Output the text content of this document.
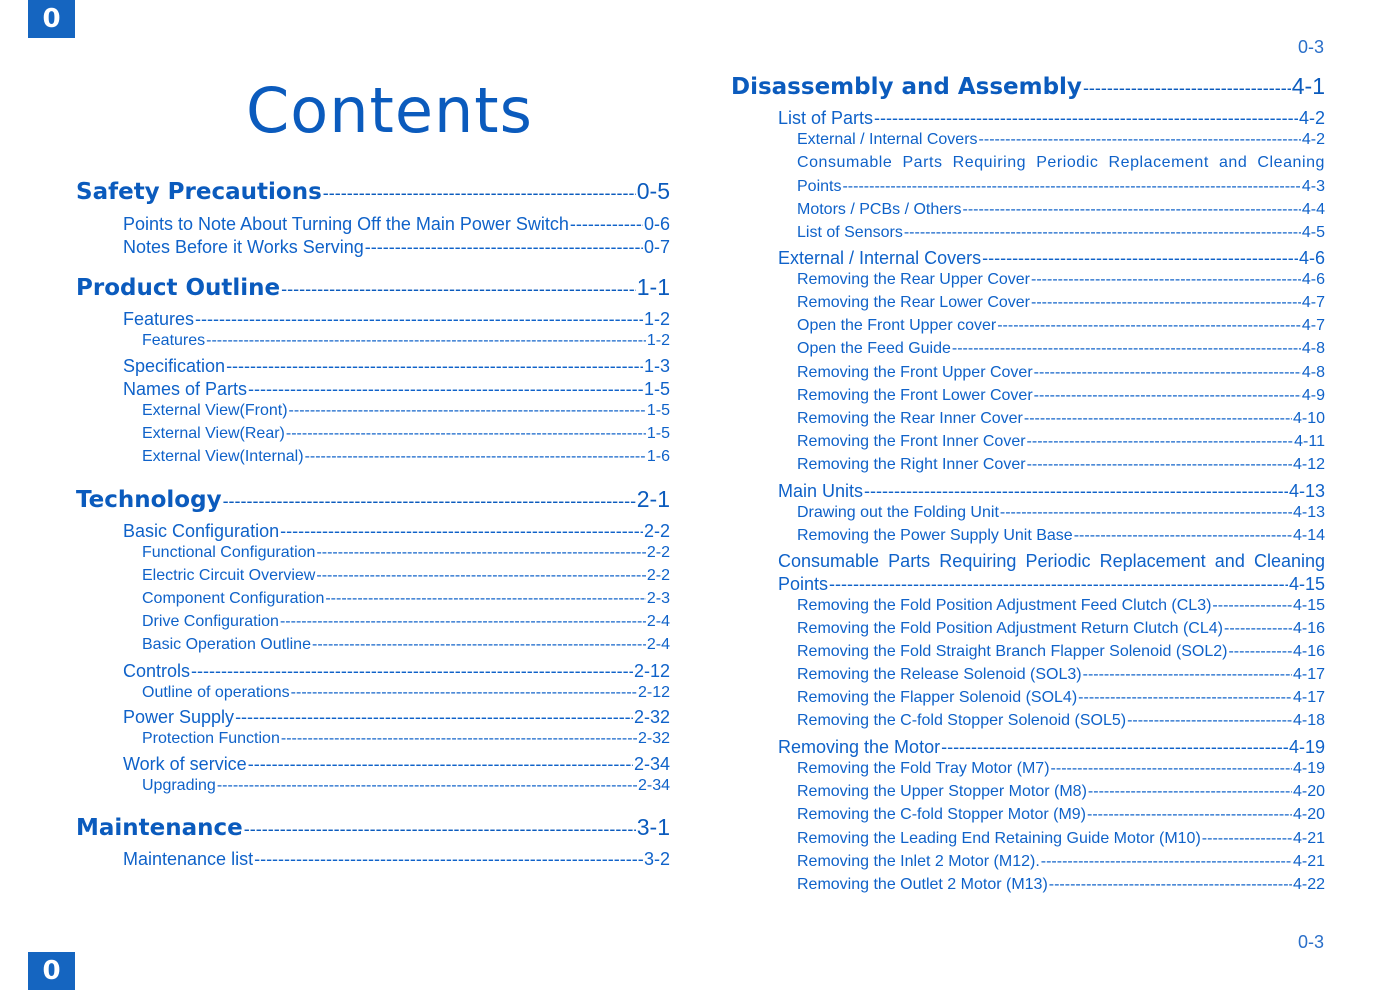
0
0
0-3
0-3
Contents
Safety Precautions -----	0-5
Points to Note About Turning Off the Main Power Switch -----	0-6
Notes Before it Works Serving -----	0-7
Product Outline -----	1-1
Features -----	1-2
Features -----	1-2
Specification -----	1-3
Names of Parts -----	1-5
External View(Front) -----	1-5
External View(Rear) -----	1-5
External View(Internal) -----	1-6
Technology -----	2-1
Basic Configuration -----	2-2
Functional Configuration -----	2-2
Electric Circuit Overview -----	2-2
Component Configuration -----	2-3
Drive Configuration -----	2-4
Basic Operation Outline -----	2-4
Controls -----	2-12
Outline of operations -----	2-12
Power Supply -----	2-32
Protection Function -----	2-32
Work of service -----	2-34
Upgrading -----	2-34
Maintenance -----	3-1
Maintenance list -----	3-2
Disassembly and Assembly -----	4-1
List of Parts -----	4-2
External / Internal Covers -----	4-2
Consumable Parts Requiring Periodic Replacement and Cleaning
Points -----	4-3
Motors / PCBs / Others -----	4-4
List of Sensors -----	4-5
External / Internal Covers -----	4-6
Removing the Rear Upper Cover -----	4-6
Removing the Rear Lower Cover -----	4-7
Open the Front Upper cover -----	4-7
Open the Feed Guide -----	4-8
Removing the Front Upper Cover -----	4-8
Removing the Front Lower Cover -----	4-9
Removing the Rear Inner Cover -----	4-10
Removing the Front Inner Cover -----	4-11
Removing the Right Inner Cover -----	4-12
Main Units -----	4-13
Drawing out the Folding Unit -----	4-13
Removing the Power Supply Unit Base -----	4-14
Consumable Parts Requiring Periodic Replacement and Cleaning
Points -----	4-15
Removing the Fold Position Adjustment Feed Clutch (CL3) -----	4-15
Removing the Fold Position Adjustment Return Clutch (CL4) -----	4-16
Removing the Fold Straight Branch Flapper Solenoid (SOL2) -----	4-16
Removing the Release Solenoid (SOL3) -----	4-17
Removing the Flapper Solenoid (SOL4) -----	4-17
Removing the C-fold Stopper Solenoid (SOL5) -----	4-18
Removing the Motor -----	4-19
Removing the Fold Tray Motor (M7) -----	4-19
Removing the Upper Stopper Motor (M8) -----	4-20
Removing the C-fold Stopper Motor (M9) -----	4-20
Removing the Leading End Retaining Guide Motor (M10) -----	4-21
Removing the Inlet 2 Motor (M12). -----	4-21
Removing the Outlet 2 Motor (M13) -----	4-22
